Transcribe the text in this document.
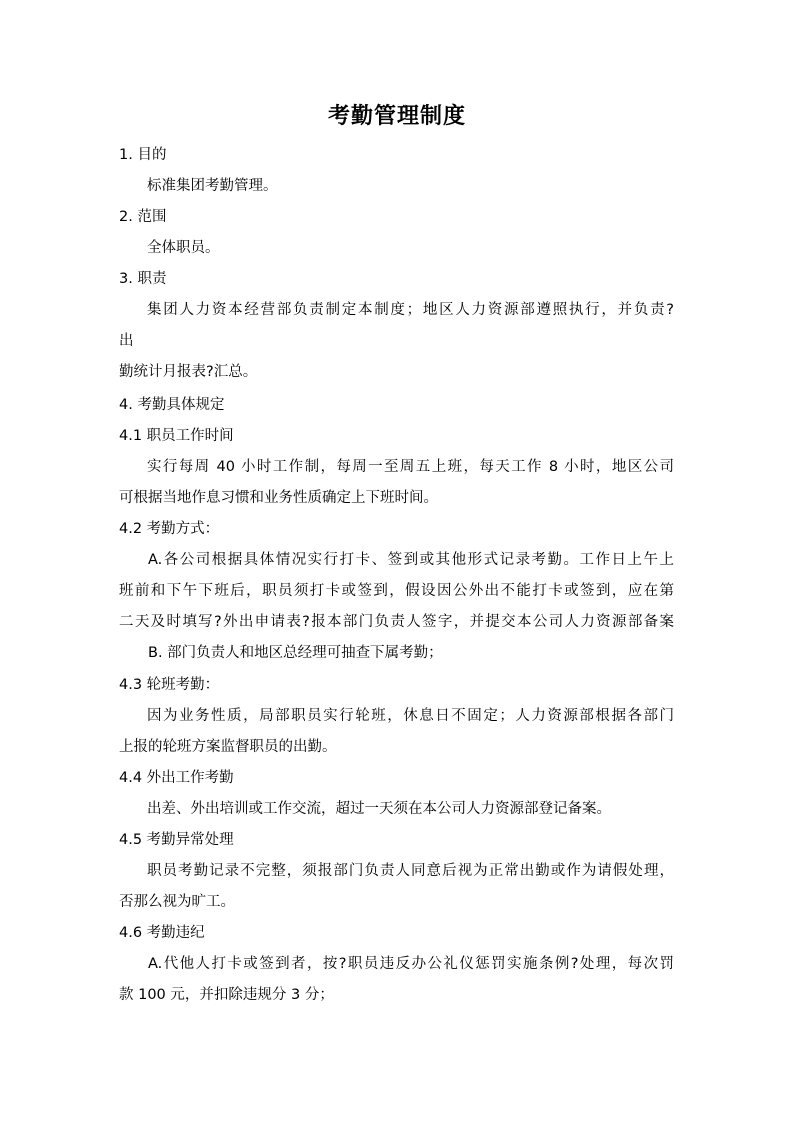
考勤管理制度
1. 目的
标准集团考勤管理。
2. 范围
全体职员。
3. 职责
集团人力资本经营部负责制定本制度；地区人力资源部遵照执行，并负责?
出
勤统计月报表?汇总。
4. 考勤具体规定
4.1 职员工作时间
实行每周 40 小时工作制，每周一至周五上班，每天工作 8 小时，地区公司
可根据当地作息习惯和业务性质确定上下班时间。
4.2 考勤方式：
A.各公司根据具体情况实行打卡、签到或其他形式记录考勤。工作日上午上
班前和下午下班后，职员须打卡或签到，假设因公外出不能打卡或签到，应在第
二天及时填写?外出申请表?报本部门负责人签字，并提交本公司人力资源部备案
B. 部门负责人和地区总经理可抽查下属考勤；
4.3 轮班考勤：
因为业务性质，局部职员实行轮班，休息日不固定；人力资源部根据各部门
上报的轮班方案监督职员的出勤。
4.4 外出工作考勤
出差、外出培训或工作交流，超过一天须在本公司人力资源部登记备案。
4.5 考勤异常处理
职员考勤记录不完整，须报部门负责人同意后视为正常出勤或作为请假处理，
否那么视为旷工。
4.6 考勤违纪
A.代他人打卡或签到者，按?职员违反办公礼仪惩罚实施条例?处理，每次罚
款 100 元，并扣除违规分 3 分；
